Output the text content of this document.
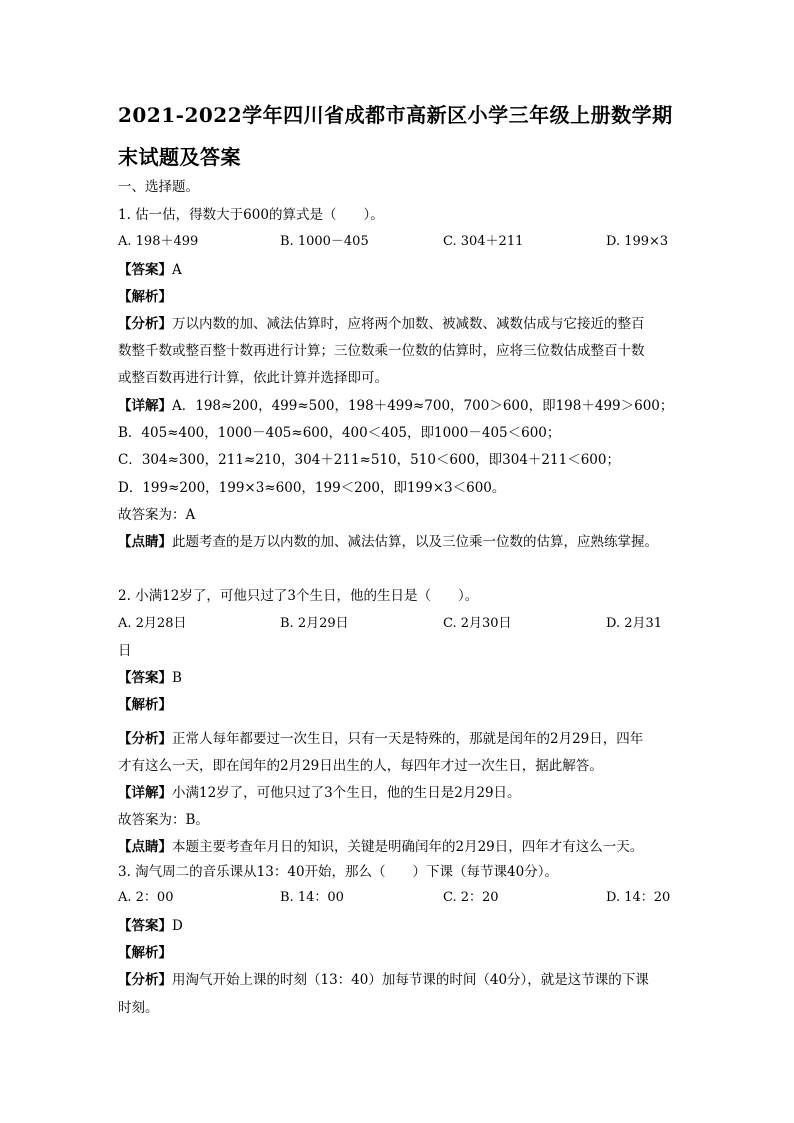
2021-2022学年四川省成都市高新区小学三年级上册数学期
末试题及答案
一、选择题。
1. 估一估，得数大于600的算式是（　　）。
A. 198＋499	B. 1000－405	C. 304＋211	D. 199×3
【答案】A
【解析】
【分析】万以内数的加、减法估算时，应将两个加数、被减数、减数估成与它接近的整百
数整千数或整百整十数再进行计算；三位数乘一位数的估算时，应将三位数估成整百十数
或整百数再进行计算，依此计算并选择即可。
【详解】A．198≈200，499≈500，198＋499≈700，700＞600，即198＋499＞600；
B．405≈400，1000－405≈600，400＜405，即1000－405＜600；
C．304≈300，211≈210，304＋211≈510，510＜600，即304＋211＜600；
D．199≈200，199×3≈600，199＜200，即199×3＜600。
故答案为：A
【点睛】此题考查的是万以内数的加、减法估算，以及三位乘一位数的估算，应熟练掌握。
2. 小满12岁了，可他只过了3个生日，他的生日是（　　）。
A. 2月28日	B. 2月29日	C. 2月30日	D. 2月31
日
【答案】B
【解析】
【分析】正常人每年都要过一次生日，只有一天是特殊的，那就是闰年的2月29日，四年
才有这么一天，即在闰年的2月29日出生的人，每四年才过一次生日，据此解答。
【详解】小满12岁了，可他只过了3个生日，他的生日是2月29日。
故答案为：B。
【点睛】本题主要考查年月日的知识，关键是明确闰年的2月29日，四年才有这么一天。
3. 淘气周二的音乐课从13：40开始，那么（　　）下课（每节课40分）。
A. 2：00	B. 14：00	C. 2：20	D. 14：20
【答案】D
【解析】
【分析】用淘气开始上课的时刻（13：40）加每节课的时间（40分），就是这节课的下课
时刻。
